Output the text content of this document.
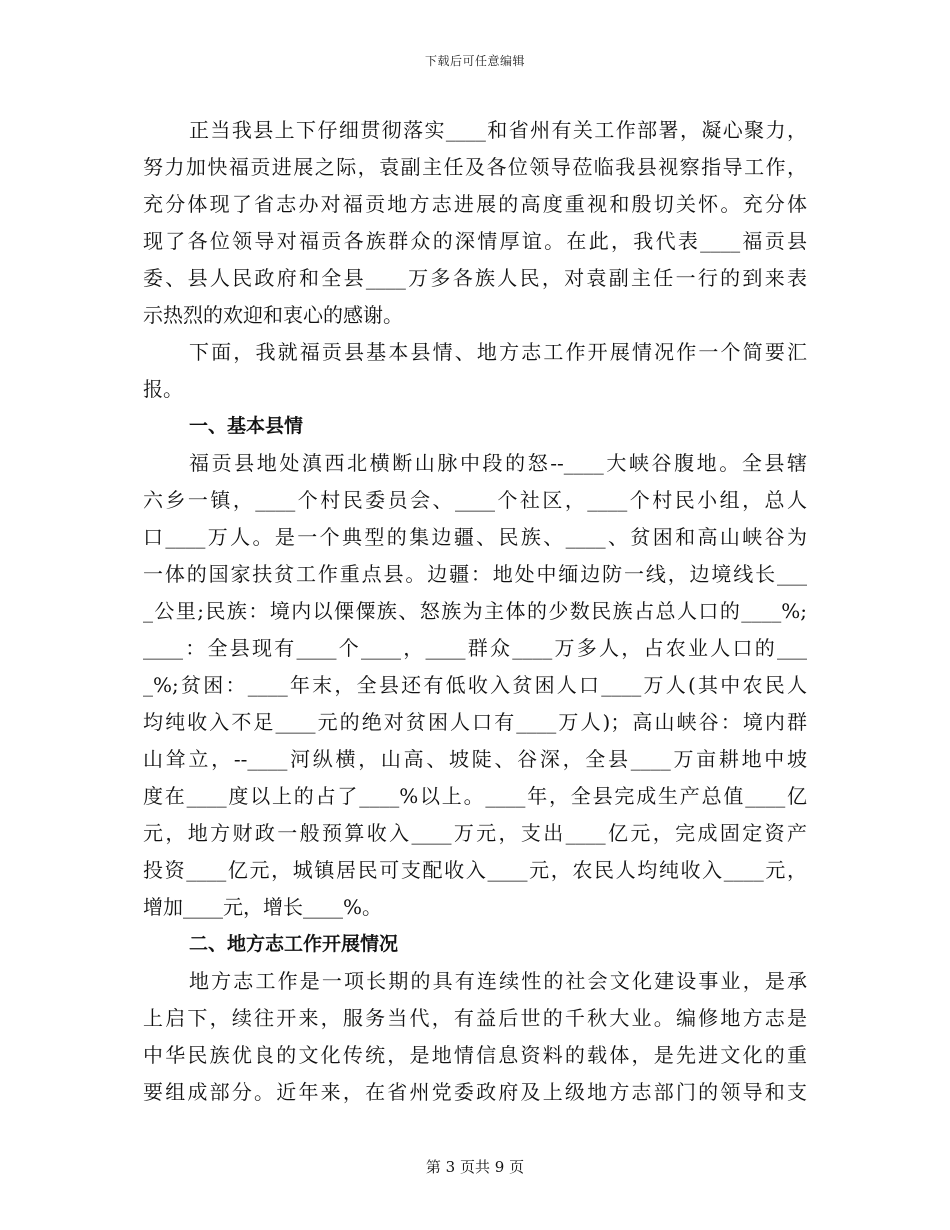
下载后可任意编辑
正当我县上下仔细贯彻落实____和省州有关工作部署，凝心聚力，
努力加快福贡进展之际，袁副主任及各位领导莅临我县视察指导工作，
充分体现了省志办对福贡地方志进展的高度重视和殷切关怀。充分体
现了各位领导对福贡各族群众的深情厚谊。在此，我代表____福贡县
委、县人民政府和全县____万多各族人民，对袁副主任一行的到来表
示热烈的欢迎和衷心的感谢。
下面，我就福贡县基本县情、地方志工作开展情况作一个简要汇
报。
一、基本县情
福贡县地处滇西北横断山脉中段的怒--____大峡谷腹地。全县辖
六乡一镇，____个村民委员会、____个社区，____个村民小组，总人
口____万人。是一个典型的集边疆、民族、____、贫困和高山峡谷为
一体的国家扶贫工作重点县。边疆：地处中缅边防一线，边境线长___
_公里;民族：境内以傈僳族、怒族为主体的少数民族占总人口的____%;
____：全县现有____个____，____群众____万多人，占农业人口的___
_%;贫困：____年末，全县还有低收入贫困人口____万人(其中农民人
均纯收入不足____元的绝对贫困人口有____万人)；高山峡谷：境内群
山耸立，--____河纵横，山高、坡陡、谷深，全县____万亩耕地中坡
度在____度以上的占了____%以上。____年，全县完成生产总值____亿
元，地方财政一般预算收入____万元，支出____亿元，完成固定资产
投资____亿元，城镇居民可支配收入____元，农民人均纯收入____元，
增加____元，增长____%。
二、地方志工作开展情况
地方志工作是一项长期的具有连续性的社会文化建设事业，是承
上启下，续往开来，服务当代，有益后世的千秋大业。编修地方志是
中华民族优良的文化传统，是地情信息资料的载体，是先进文化的重
要组成部分。近年来，在省州党委政府及上级地方志部门的领导和支
第 3 页共 9 页
